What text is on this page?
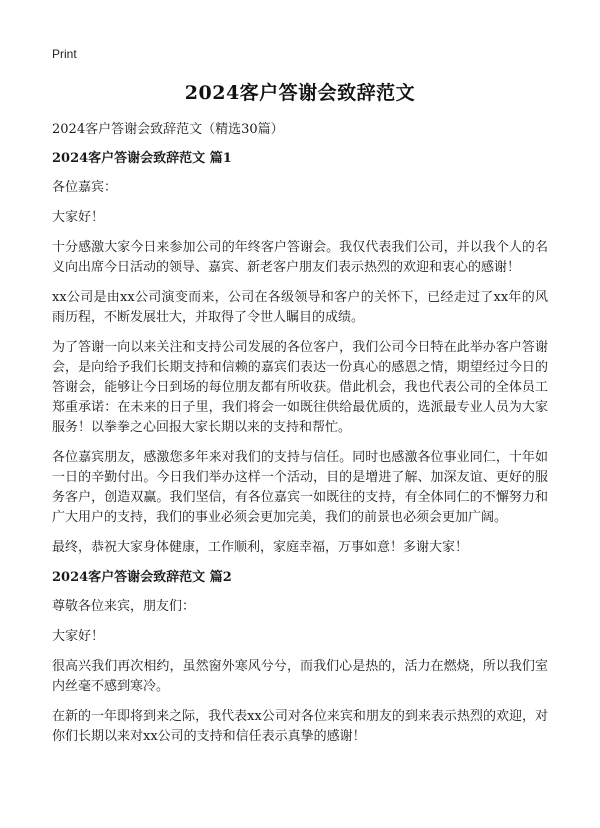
Print
2024客户答谢会致辞范文
2024客户答谢会致辞范文（精选30篇）
2024客户答谢会致辞范文 篇1
各位嘉宾：
大家好！
十分感激大家今日来参加公司的年终客户答谢会。我仅代表我们公司，并以我个人的名义向出席今日活动的领导、嘉宾、新老客户朋友们表示热烈的欢迎和衷心的感谢！
xx公司是由xx公司演变而来，公司在各级领导和客户的关怀下，已经走过了xx年的风雨历程，不断发展壮大，并取得了令世人瞩目的成绩。
为了答谢一向以来关注和支持公司发展的各位客户，我们公司今日特在此举办客户答谢会，是向给予我们长期支持和信赖的嘉宾们表达一份真心的感恩之情，期望经过今日的答谢会，能够让今日到场的每位朋友都有所收获。借此机会，我也代表公司的全体员工郑重承诺：在未来的日子里，我们将会一如既往供给最优质的，选派最专业人员为大家服务！以拳拳之心回报大家长期以来的支持和帮忙。
各位嘉宾朋友，感激您多年来对我们的支持与信任。同时也感激各位事业同仁，十年如一日的辛勤付出。今日我们举办这样一个活动，目的是增进了解、加深友谊、更好的服务客户，创造双赢。我们坚信，有各位嘉宾一如既往的支持，有全体同仁的不懈努力和广大用户的支持，我们的事业必须会更加完美，我们的前景也必须会更加广阔。
最终，恭祝大家身体健康，工作顺利，家庭幸福，万事如意！多谢大家！
2024客户答谢会致辞范文 篇2
尊敬各位来宾，朋友们：
大家好！
很高兴我们再次相约，虽然窗外寒风兮兮，而我们心是热的，活力在燃烧，所以我们室内丝毫不感到寒冷。
在新的一年即将到来之际，我代表xx公司对各位来宾和朋友的到来表示热烈的欢迎，对你们长期以来对xx公司的支持和信任表示真挚的感谢！
